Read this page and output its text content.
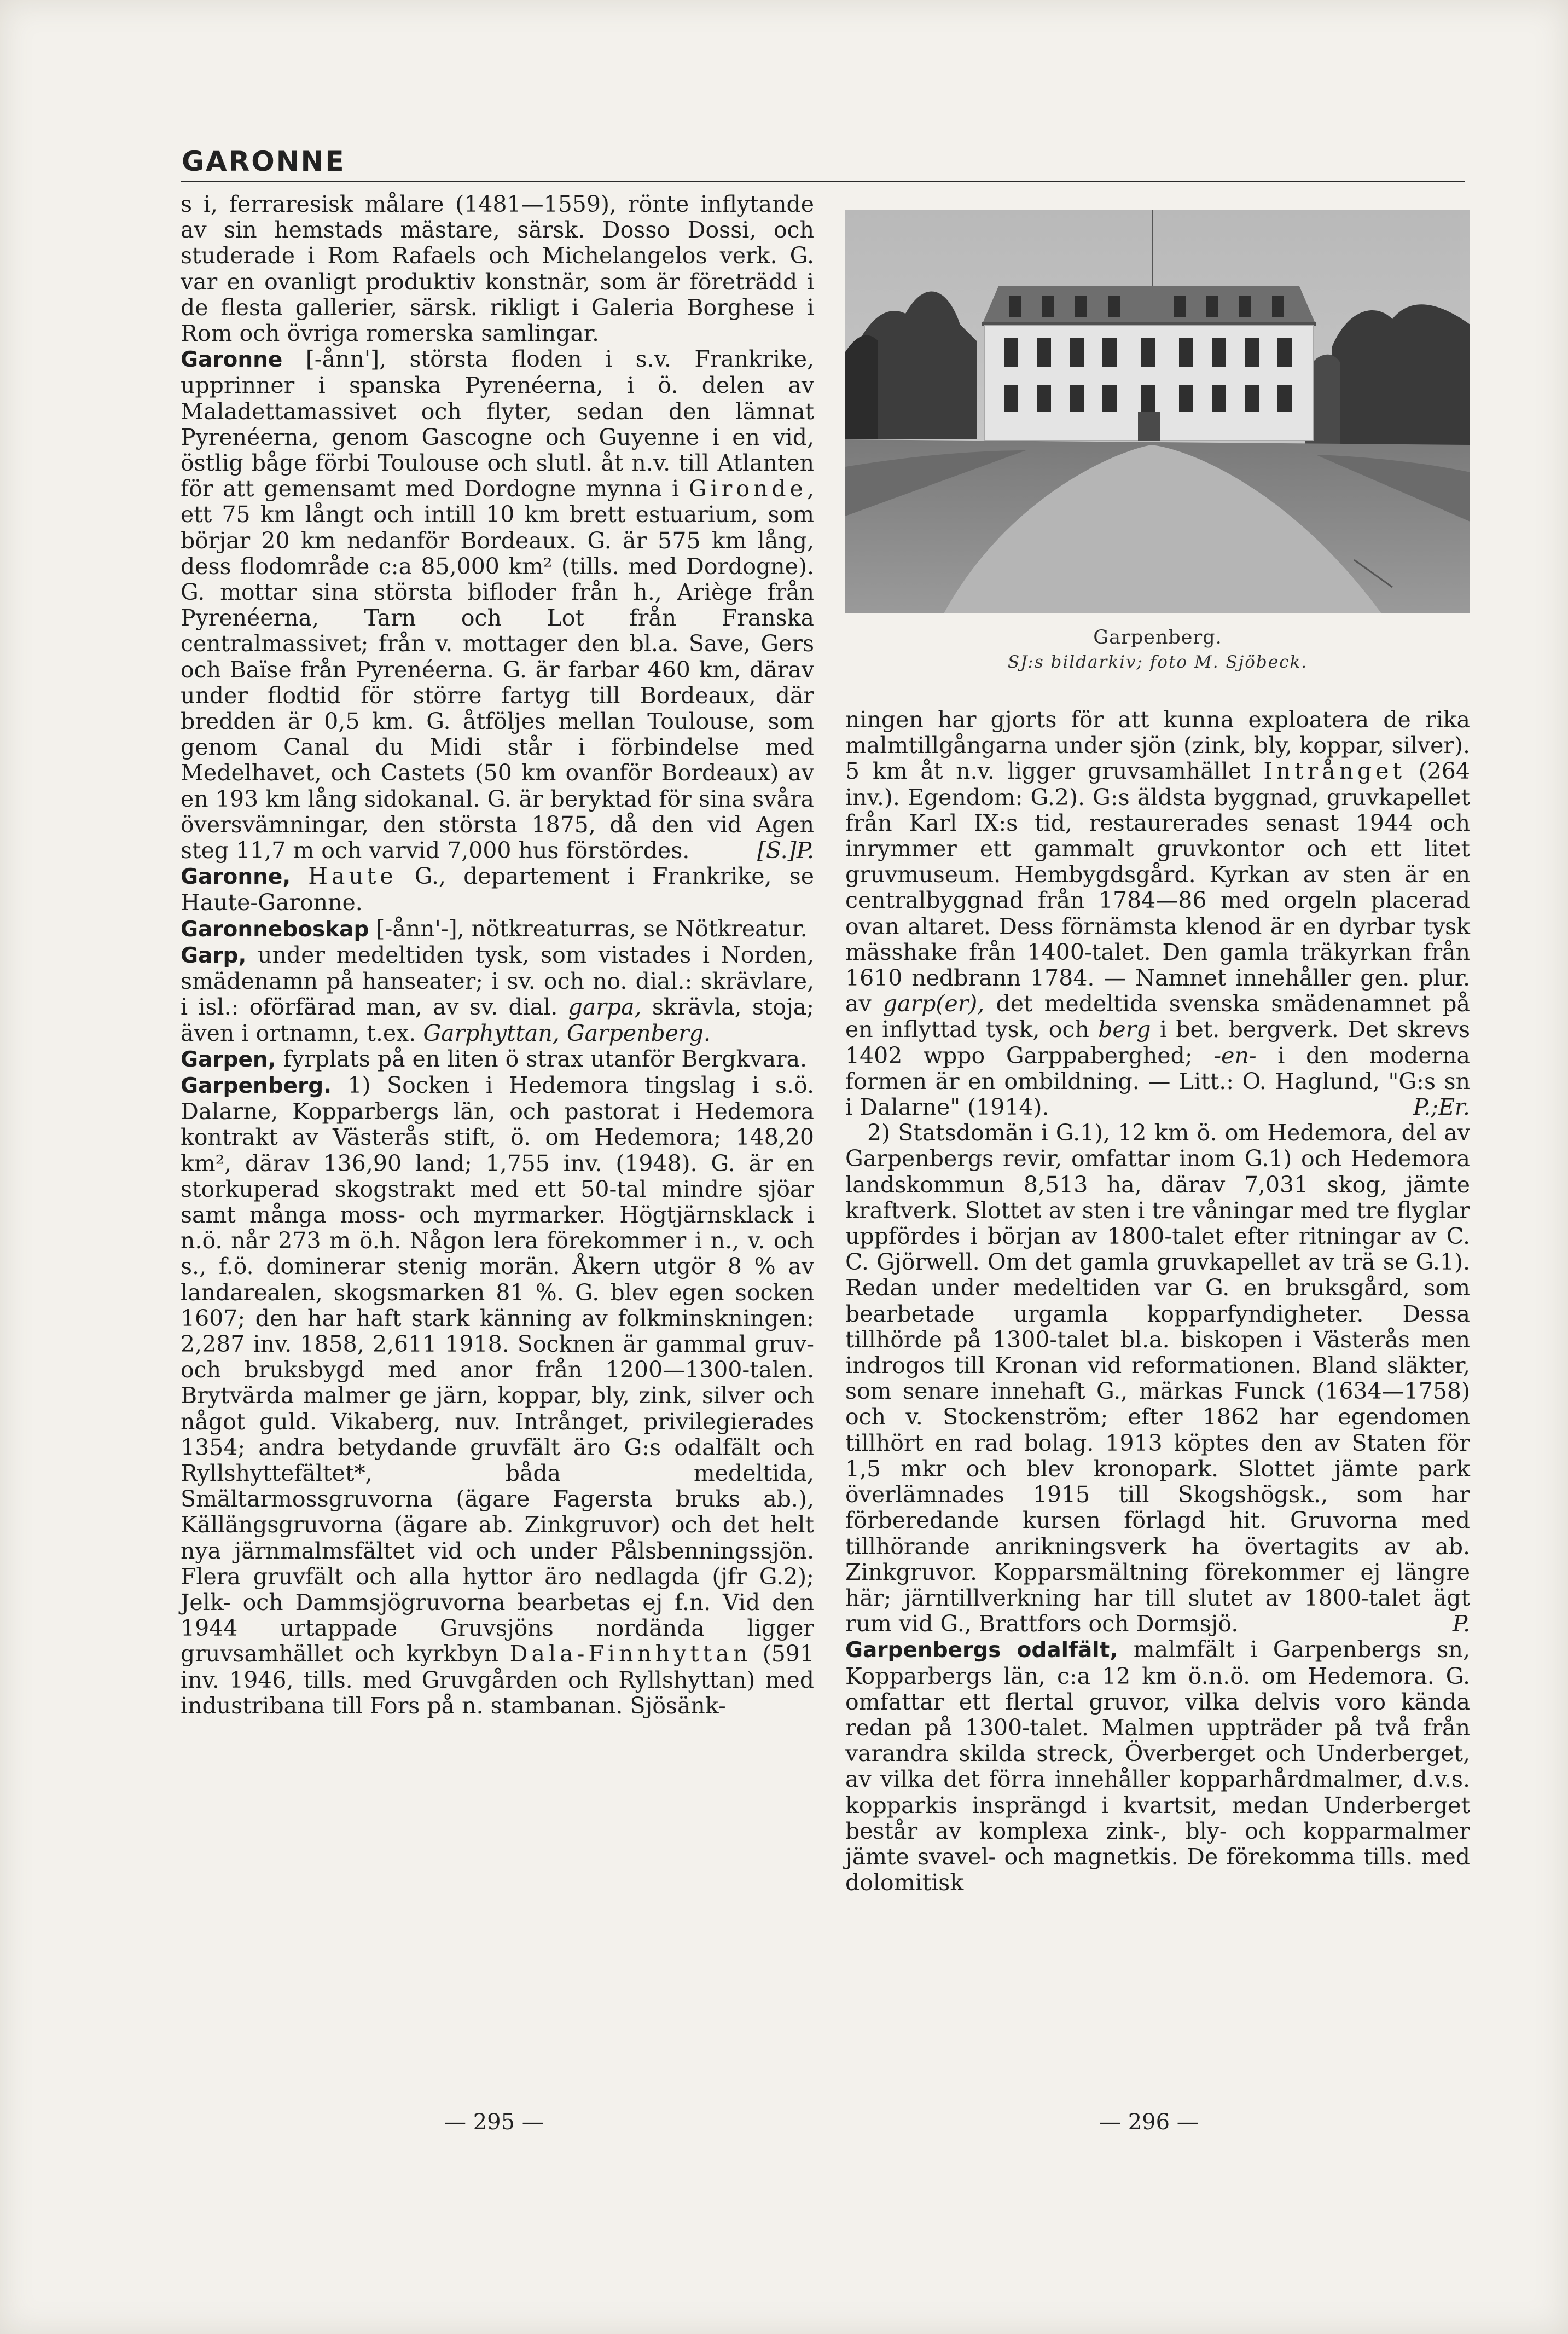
GARONNE

s i, ferraresisk målare (1481—1559), rönte inflytande av sin hemstads mästare, särsk. Dosso Dossi, och studerade i Rom Rafaels och Michelangelos verk. G. var en ovanligt produktiv konstnär, som är företrädd i de flesta gallerier, särsk. rikligt i Galeria Borghese i Rom och övriga romerska samlingar.

Garonne [-ånn'], största floden i s.v. Frankrike, upprinner i spanska Pyrenéerna, i ö. delen av Maladettamassivet och flyter, sedan den lämnat Pyrenéerna, genom Gascogne och Guyenne i en vid, östlig båge förbi Toulouse och slutl. åt n.v. till Atlanten för att gemensamt med Dordogne mynna i Gironde, ett 75 km långt och intill 10 km brett estuarium, som börjar 20 km nedanför Bordeaux. G. är 575 km lång, dess flodområde c:a 85,000 km² (tills. med Dordogne). G. mottar sina största bifloder från h., Ariège från Pyrenéerna, Tarn och Lot från Franska centralmassivet; från v. mottager den bl.a. Save, Gers och Baïse från Pyrenéerna. G. är farbar 460 km, därav under flodtid för större fartyg till Bordeaux, där bredden är 0,5 km. G. åtföljes mellan Toulouse, som genom Canal du Midi står i förbindelse med Medelhavet, och Castets (50 km ovanför Bordeaux) av en 193 km lång sidokanal. G. är beryktad för sina svåra översvämningar, den största 1875, då den vid Agen steg 11,7 m och varvid 7,000 hus förstördes.	[S.]P.

Garonne, Haute G., departement i Frankrike, se Haute-Garonne.

Garonneboskap [-ånn'-], nötkreaturras, se Nötkreatur.

Garp, under medeltiden tysk, som vistades i Norden, smädenamn på hanseater; i sv. och no. dial.: skrävlare, i isl.: oförfärad man, av sv. dial. garpa, skrävla, stoja; även i ortnamn, t.ex. Garphyttan, Garpenberg.

Garpen, fyrplats på en liten ö strax utanför Bergkvara.

Garpenberg. 1) Socken i Hedemora tingslag i s.ö. Dalarne, Kopparbergs län, och pastorat i Hedemora kontrakt av Västerås stift, ö. om Hedemora; 148,20 km², därav 136,90 land; 1,755 inv. (1948). G. är en storkuperad skogstrakt med ett 50-tal mindre sjöar samt många moss- och myrmarker. Högtjärnsklack i n.ö. når 273 m ö.h. Någon lera förekommer i n., v. och s., f.ö. dominerar stenig morän. Åkern utgör 8 % av landarealen, skogsmarken 81 %. G. blev egen socken 1607; den har haft stark känning av folkminskningen: 2,287 inv. 1858, 2,611 1918. Socknen är gammal gruv- och bruksbygd med anor från 1200—1300-talen. Brytvärda malmer ge järn, koppar, bly, zink, silver och något guld. Vikaberg, nuv. Intrånget, privilegierades 1354; andra betydande gruvfält äro G:s odalfält och Ryllshyttefältet*, båda medeltida, Smältarmossgruvorna (ägare Fagersta bruks ab.), Källängsgruvorna (ägare ab. Zinkgruvor) och det helt nya järnmalmsfältet vid och under Pålsbenningssjön. Flera gruvfält och alla hyttor äro nedlagda (jfr G.2); Jelk- och Dammsjögruvorna bearbetas ej f.n. Vid den 1944 urtappade Gruvsjöns nordända ligger gruvsamhället och kyrkbyn Dala-Finnhyttan (591 inv. 1946, tills. med Gruvgården och Ryllshyttan) med industribana till Fors på n. stambanan. Sjösänk-

Garpenberg.
SJ:s bildarkiv; foto M. Sjöbeck.

ningen har gjorts för att kunna exploatera de rika malmtillgångarna under sjön (zink, bly, koppar, silver). 5 km åt n.v. ligger gruvsamhället Intrånget (264 inv.). Egendom: G.2). G:s äldsta byggnad, gruvkapellet från Karl IX:s tid, restaurerades senast 1944 och inrymmer ett gammalt gruvkontor och ett litet gruvmuseum. Hembygdsgård. Kyrkan av sten är en centralbyggnad från 1784—86 med orgeln placerad ovan altaret. Dess förnämsta klenod är en dyrbar tysk mässhake från 1400-talet. Den gamla träkyrkan från 1610 nedbrann 1784. — Namnet innehåller gen. plur. av garp(er), det medeltida svenska smädenamnet på en inflyttad tysk, och berg i bet. bergverk. Det skrevs 1402 wppo Garppaberghed; -en- i den moderna formen är en ombildning. — Litt.: O. Haglund, "G:s sn i Dalarne" (1914).	P.;Er.

2) Statsdomän i G.1), 12 km ö. om Hedemora, del av Garpenbergs revir, omfattar inom G.1) och Hedemora landskommun 8,513 ha, därav 7,031 skog, jämte kraftverk. Slottet av sten i tre våningar med tre flyglar uppfördes i början av 1800-talet efter ritningar av C. C. Gjörwell. Om det gamla gruvkapellet av trä se G.1). Redan under medeltiden var G. en bruksgård, som bearbetade urgamla kopparfyndigheter. Dessa tillhörde på 1300-talet bl.a. biskopen i Västerås men indrogos till Kronan vid reformationen. Bland släkter, som senare innehaft G., märkas Funck (1634—1758) och v. Stockenström; efter 1862 har egendomen tillhört en rad bolag. 1913 köptes den av Staten för 1,5 mkr och blev kronopark. Slottet jämte park överlämnades 1915 till Skogshögsk., som har förberedande kursen förlagd hit. Gruvorna med tillhörande anrikningsverk ha övertagits av ab. Zinkgruvor. Kopparsmältning förekommer ej längre här; järntillverkning har till slutet av 1800-talet ägt rum vid G., Brattfors och Dormsjö.	P.

Garpenbergs odalfält, malmfält i Garpenbergs sn, Kopparbergs län, c:a 12 km ö.n.ö. om Hedemora. G. omfattar ett flertal gruvor, vilka delvis voro kända redan på 1300-talet. Malmen uppträder på två från varandra skilda streck, Överberget och Underberget, av vilka det förra innehåller kopparhårdmalmer, d.v.s. kopparkis insprängd i kvartsit, medan Underberget består av komplexa zink-, bly- och kopparmalmer jämte svavel- och magnetkis. De förekomma tills. med dolomitisk

— 295 —	— 296 —
